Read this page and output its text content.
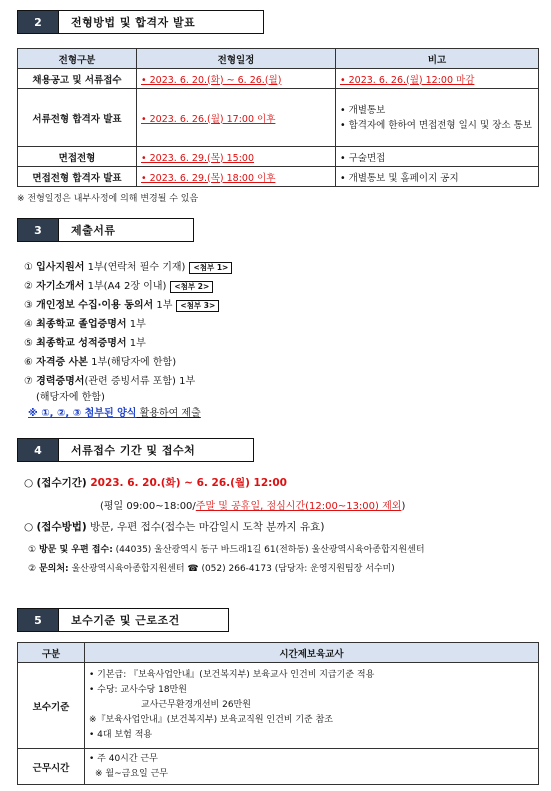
2	전형방법 및 합격자 발표
전형구분	전형일정	비고
채용공고 및 서류접수	• 2023. 6. 20.(화) ~ 6. 26.(월)	• 2023. 6. 26.(월) 12:00 마감
서류전형 합격자 발표	• 2023. 6. 26.(월) 17:00 이후	• 개별통보
• 합격자에 한하여 면접전형 일시 및 장소 통보

면접전형	• 2023. 6. 29.(목) 15:00	• 구술면접
면접전형 합격자 발표	• 2023. 6. 29.(목) 18:00 이후	• 개별통보 및 홈페이지 공지
※ 전형일정은 내부사정에 의해 변경될 수 있음
3	제출서류
① 입사지원서 1부(연락처 필수 기재) <첨부 1>
② 자기소개서 1부(A4 2장 이내) <첨부 2>
③ 개인정보 수집·이용 동의서 1부 <첨부 3>
④ 최종학교 졸업증명서 1부
⑤ 최종학교 성적증명서 1부
⑥ 자격증 사본 1부(해당자에 한함)
⑦ 경력증명서(관련 증빙서류 포함) 1부
(해당자에 한함)
※ ①, ②, ③ 첨부된 양식 활용하여 제출
4	서류접수 기간 및 접수처
○ (접수기간) 2023. 6. 20.(화) ~ 6. 26.(월) 12:00
(평일 09:00~18:00/주말 및 공휴일, 점심시간(12:00~13:00) 제외)
○ (접수방법) 방문, 우편 접수(접수는 마감일시 도착 분까지 유효)
① 방문 및 우편 접수: (44035) 울산광역시 동구 바드래1길 61(전하동) 울산광역시육아종합지원센터
② 문의처: 울산광역시육아종합지원센터 ☎ (052) 266-4173 (담당자: 운영지원팀장 서수미)
5	보수기준 및 근로조건
구분	시간제보육교사
보수기준	• 기본급: 『보육사업안내』(보건복지부) 보육교사 인건비 지급기준 적용
• 수당: 교사수당 18만원
교사근무환경개선비 26만원
※『보육사업안내』(보건복지부) 보육교직원 인건비 기준 참조
• 4대 보험 적용

근무시간	• 주 40시간 근무
※ 월~금요일 근무
